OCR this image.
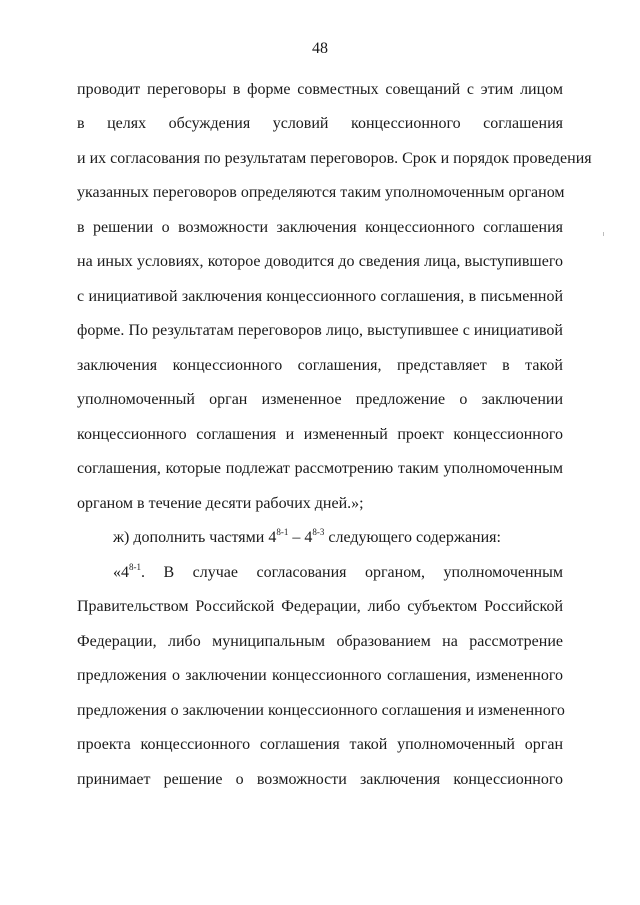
48
проводит переговоры в форме совместных совещаний с этим лицом
в целях обсуждения условий концессионного соглашения
и их согласования по результатам переговоров. Срок и порядок проведения
указанных переговоров определяются таким уполномоченным органом
в решении о возможности заключения концессионного соглашения
на иных условиях, которое доводится до сведения лица, выступившего
с инициативой заключения концессионного соглашения, в письменной
форме. По результатам переговоров лицо, выступившее с инициативой
заключения концессионного соглашения, представляет в такой
уполномоченный орган измененное предложение о заключении
концессионного соглашения и измененный проект концессионного
соглашения, которые подлежат рассмотрению таким уполномоченным
органом в течение десяти рабочих дней.»;
ж) дополнить частями 4$^{8-1}$ – 4$^{8-3}$ следующего содержания:
«4$^{8-1}$. В случае согласования органом, уполномоченным
Правительством Российской Федерации, либо субъектом Российской
Федерации, либо муниципальным образованием на рассмотрение
предложения о заключении концессионного соглашения, измененного
предложения о заключении концессионного соглашения и измененного
проекта концессионного соглашения такой уполномоченный орган
принимает решение о возможности заключения концессионного
